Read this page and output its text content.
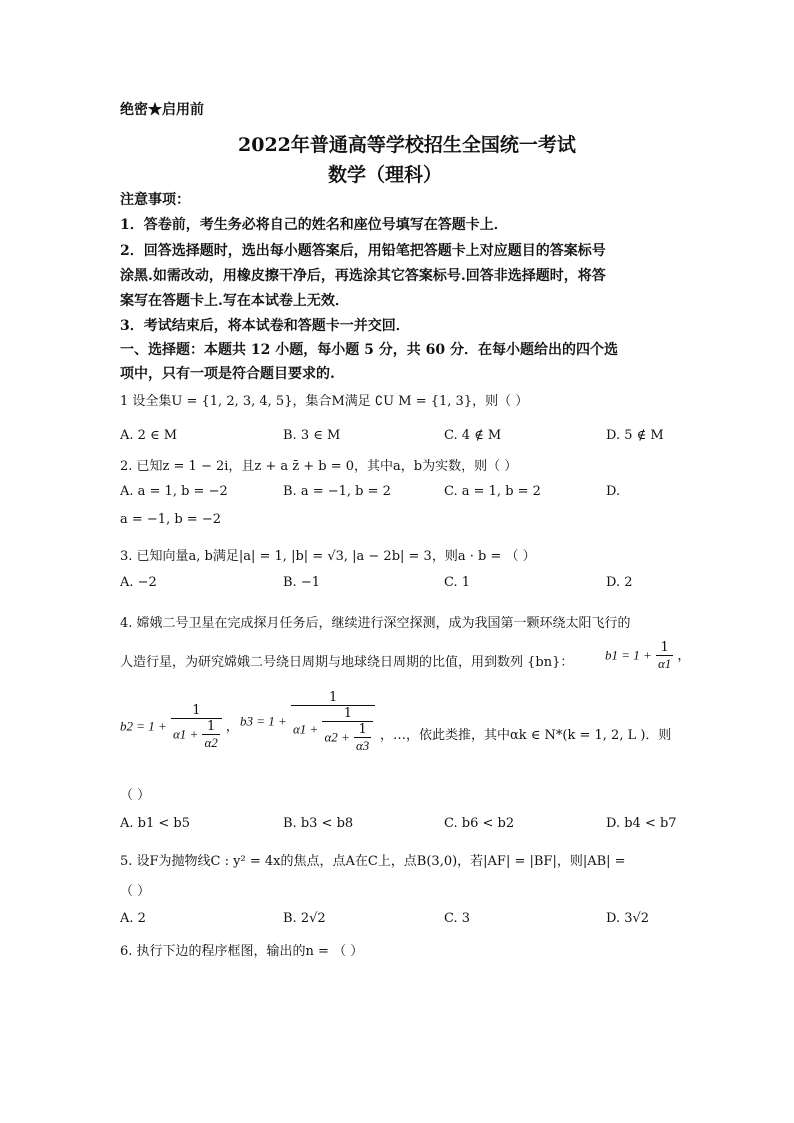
绝密★启用前
2022年普通高等学校招生全国统一考试
数学（理科）
注意事项：
1．答卷前，考生务必将自己的姓名和座位号填写在答题卡上．
2．回答选择题时，选出每小题答案后，用铅笔把答题卡上对应题目的答案标号
涂黑.如需改动，用橡皮擦干净后，再选涂其它答案标号.回答非选择题时，将答
案写在答题卡上.写在本试卷上无效．
3．考试结束后，将本试卷和答题卡一并交回．
一、选择题：本题共 12 小题，每小题 5 分，共 60 分．在每小题给出的四个选
项中，只有一项是符合题目要求的.
1 设全集U = {1, 2, 3, 4, 5}，集合M满足 ∁U M = {1, 3}，则（ ）
A. 2 ∈ M	B. 3 ∈ M	C. 4 ∉ M	D. 5 ∉ M
2. 已知z = 1 − 2i，且z + a z̄ + b = 0，其中a，b为实数，则（ ）
A. a = 1, b = −2	B. a = −1, b = 2	C. a = 1, b = 2	D.
a = −1, b = −2
3. 已知向量a, b满足|a| = 1, |b| = √3, |a − 2b| = 3，则a · b = （ ）
A. −2	B. −1	C. 1	D. 2
4. 嫦娥二号卫星在完成探月任务后，继续进行深空探测，成为我国第一颗环绕太阳飞行的
人造行星，为研究嫦娥二号绕日周期与地球绕日周期的比值，用到数列 {bn}： $b1 = 1 + \frac{1}{\alpha 1}$ ，
$b2 = 1 + \frac{1}{\alpha 1 + \frac{1}{\alpha 2}}$ ， b3 = 1 +
1
$\alpha 1 + \frac{1}{\alpha 2 + \frac{1}{\alpha 3}}$ ，…，依此类推，其中αk ∈ N*(k = 1, 2, L )．则
（ ）
A. b1 < b5	B. b3 < b8	C. b6 < b2	D. b4 < b7
5. 设F为抛物线C : y² = 4x的焦点，点A在C上，点B(3,0)，若|AF| = |BF|，则|AB| =
（ ）
A. 2	B. 2√2	C. 3	D. 3√2
6. 执行下边的程序框图，输出的n = （ ）
